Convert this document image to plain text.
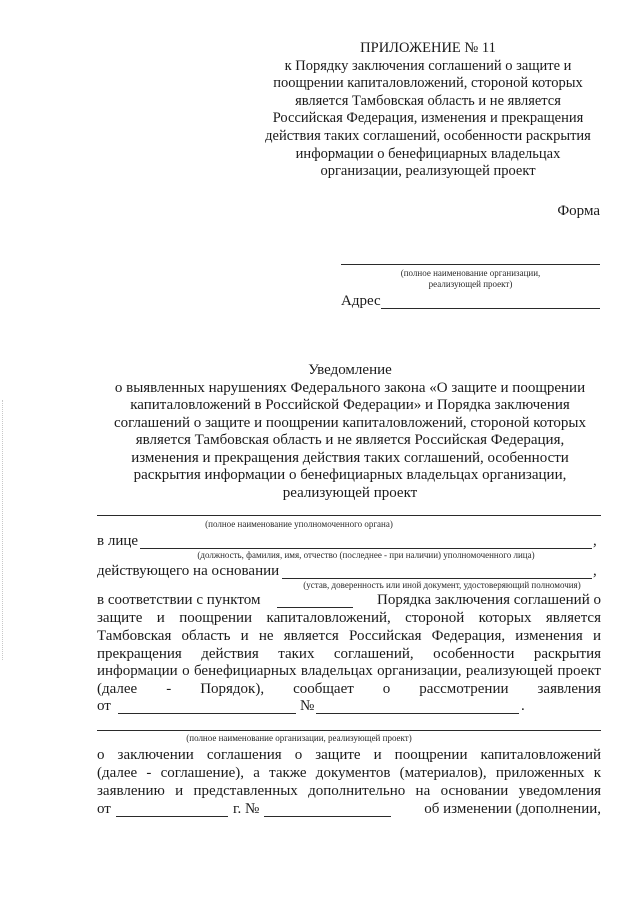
ПРИЛОЖЕНИЕ № 11
к Порядку заключения соглашений о защите и
поощрении капиталовложений, стороной которых
является Тамбовская область и не является
Российская Федерация, изменения и прекращения
действия таких соглашений, особенности раскрытия
информации о бенефициарных владельцах
организации, реализующей проект
Форма
(полное наименование организации,
реализующей проект)
Адрес
Уведомление
о выявленных нарушениях Федерального закона «О защите и поощрении
капиталовложений в Российской Федерации» и Порядка заключения
соглашений о защите и поощрении капиталовложений, стороной которых
является Тамбовская область и не является Российская Федерация,
изменения и прекращения действия таких соглашений, особенности
раскрытия информации о бенефициарных владельцах организации,
реализующей проект
(полное наименование уполномоченного органа)
в лице	,
(должность, фамилия, имя, отчество (последнее - при наличии) уполномоченного лица)
действующего на основании	,
(устав, доверенность или иной документ, удостоверяющий полномочия)
в соответствии с пунктом	Порядка заключения соглашений о
защите и поощрении капиталовложений, стороной которых является
Тамбовская область и не является Российская Федерация, изменения и
прекращения действия таких соглашений, особенности раскрытия
информации о бенефициарных владельцах организации, реализующей проект
(далее - Порядок), сообщает о рассмотрении заявления
от	№	.
(полное наименование организации, реализующей проект)
о заключении соглашения о защите и поощрении капиталовложений
(далее - соглашение), а также документов (материалов), приложенных к
заявлению и представленных дополнительно на основании уведомления
от	г. №	об изменении (дополнении,
